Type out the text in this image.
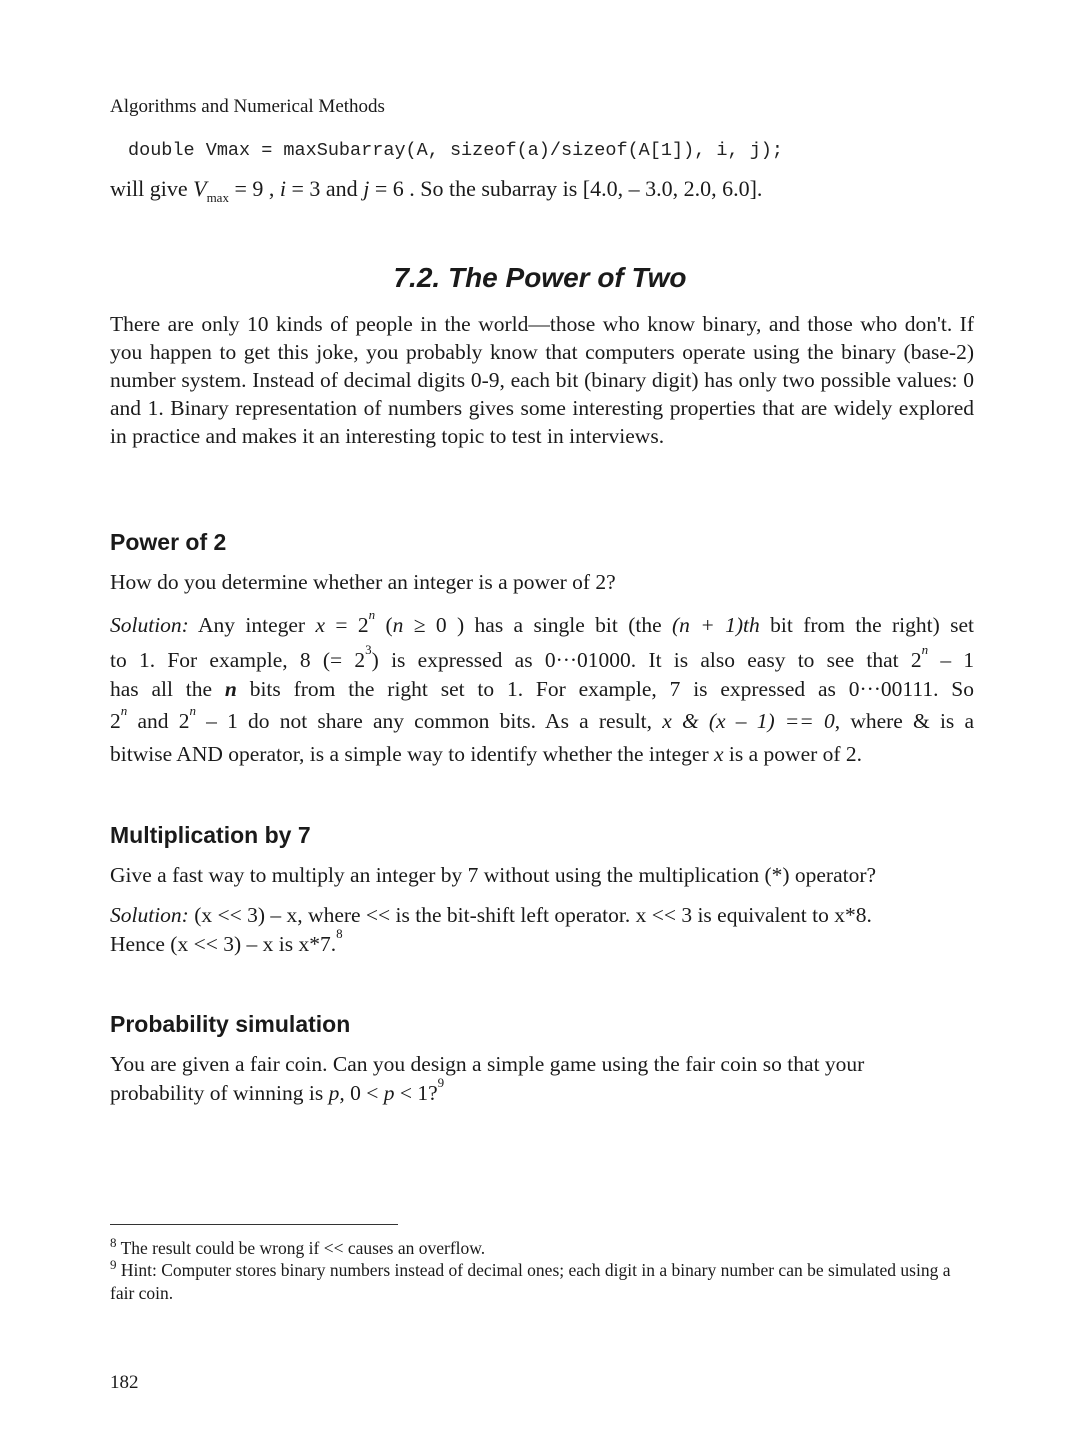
Algorithms and Numerical Methods
double Vmax = maxSubarray(A, sizeof(a)/sizeof(A[1]), i, j);
will give $V_{max} = 9$ , i = 3 and j = 6 . So the subarray is [4.0, – 3.0, 2.0, 6.0].
7.2. The Power of Two
There are only 10 kinds of people in the world—those who know binary, and those who don't. If you happen to get this joke, you probably know that computers operate using the binary (base-2) number system. Instead of decimal digits 0-9, each bit (binary digit) has only two possible values: 0 and 1. Binary representation of numbers gives some interesting properties that are widely explored in practice and makes it an interesting topic to test in interviews.
Power of 2
How do you determine whether an integer is a power of 2?
Solution: Any integer $x = 2^n$ (n ≥ 0 ) has a single bit (the (n + 1)th bit from the right) set
to 1. For example, 8 (= $2^3$) is expressed as 0···01000. It is also easy to see that 2$^n$ – 1
has all the n bits from the right set to 1. For example, 7 is expressed as 0···00111. So
2$^n$ and 2$^n$ – 1 do not share any common bits. As a result, x & (x – 1) == 0, where & is a
bitwise AND operator, is a simple way to identify whether the integer x is a power of 2.
Multiplication by 7
Give a fast way to multiply an integer by 7 without using the multiplication (*) operator?
Solution: (x << 3) – x, where << is the bit-shift left operator. x << 3 is equivalent to x*8.
Hence (x << 3) – x is x*7.$^8$
Probability simulation
You are given a fair coin. Can you design a simple game using the fair coin so that your
probability of winning is p, 0 < p < 1?$^9$
$^8$ The result could be wrong if << causes an overflow.
$^9$ Hint: Computer stores binary numbers instead of decimal ones; each digit in a binary number can be simulated using a fair coin.
182
